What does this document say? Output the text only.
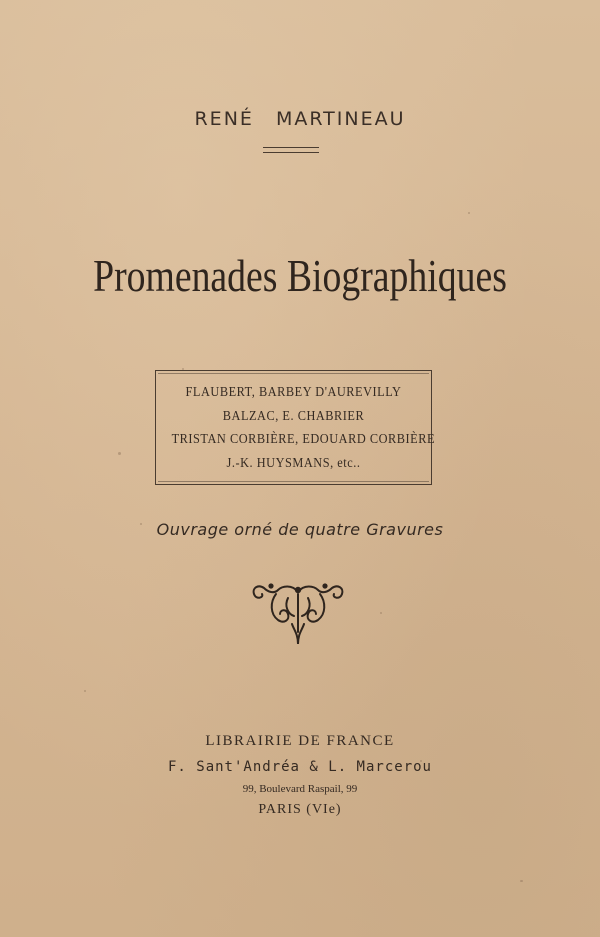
RENÉ MARTINEAU
Promenades Biographiques
FLAUBERT, BARBEY D'AUREVILLY
BALZAC, E. CHABRIER
TRISTAN CORBIÈRE, EDOUARD CORBIÈRE
J.-K. HUYSMANS, etc..
Ouvrage orné de quatre Gravures
LIBRAIRIE DE FRANCE
F. Sant'Andréa & L. Marcerou
99, Boulevard Raspail, 99
PARIS (VIe)
